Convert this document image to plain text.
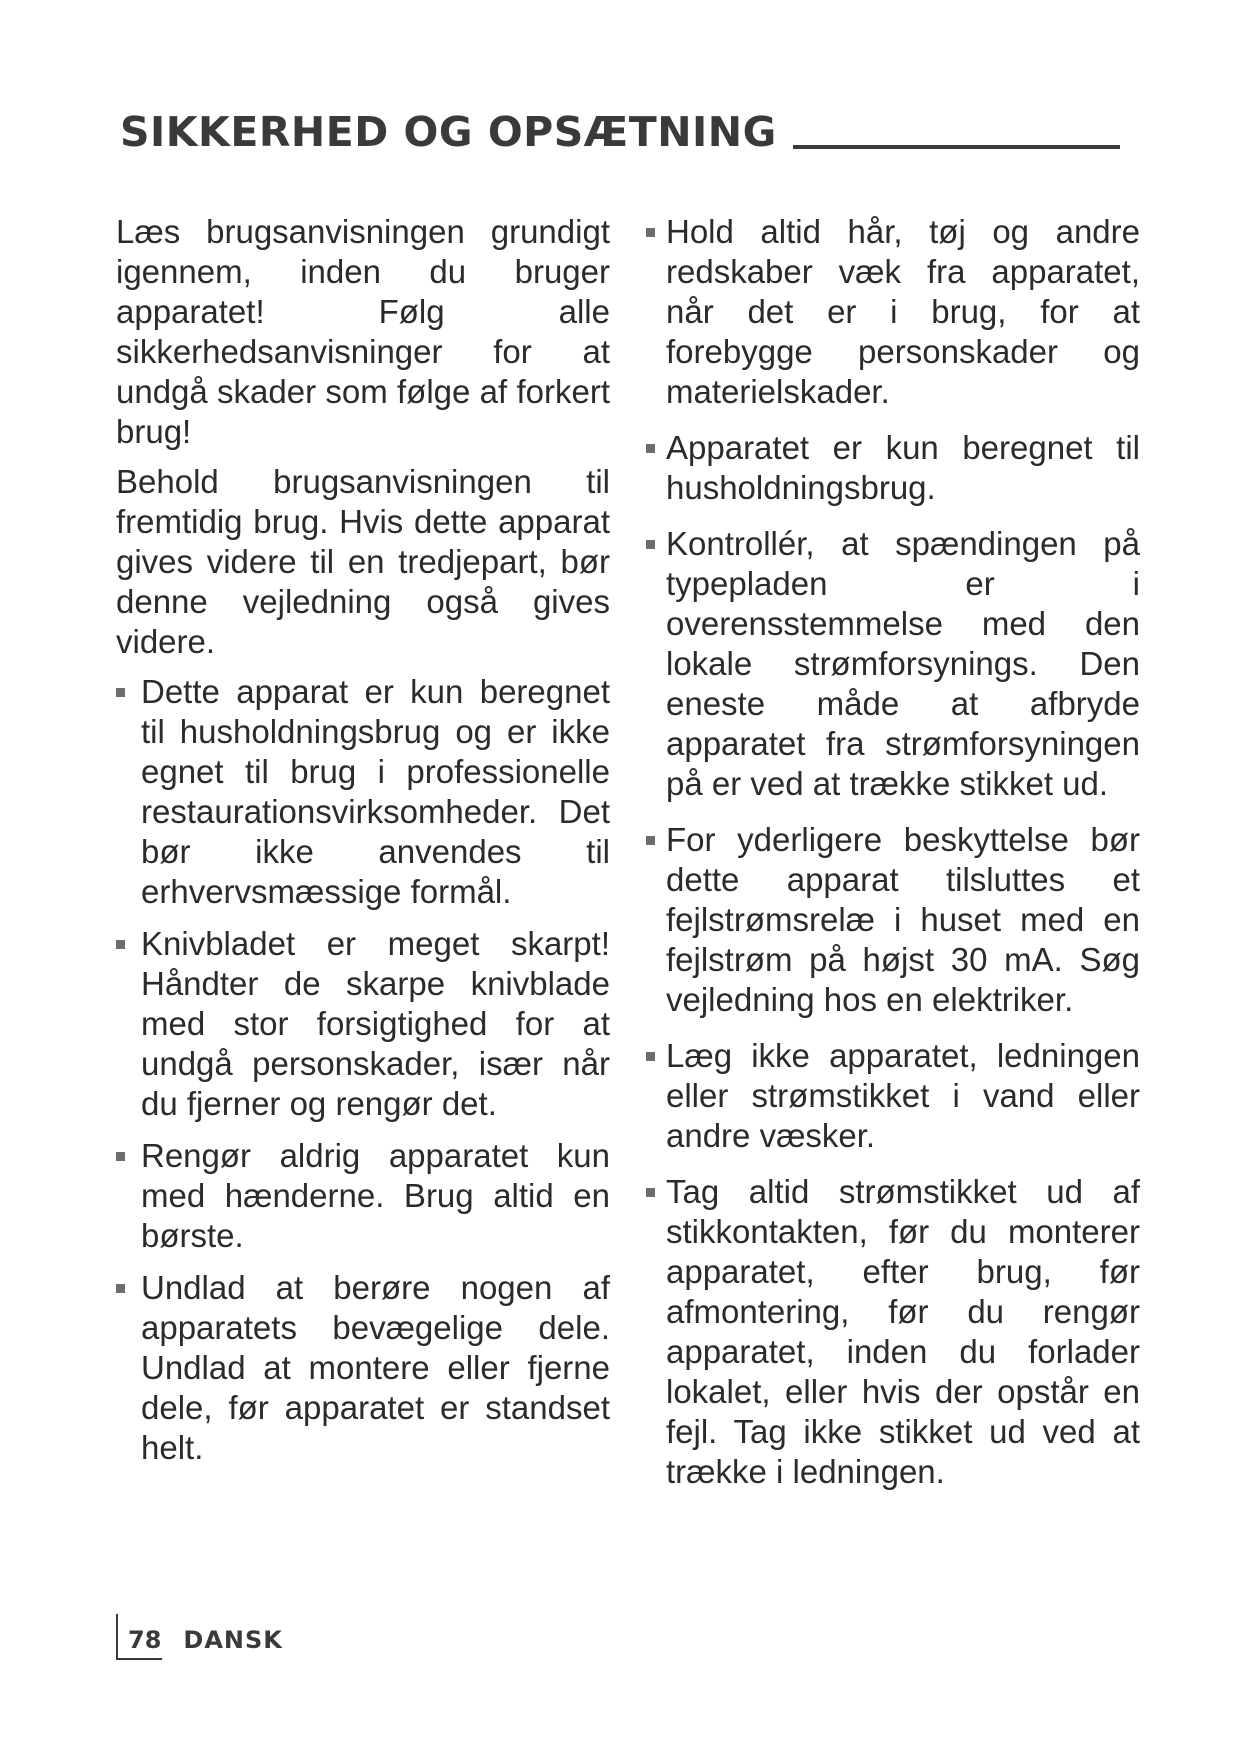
SIKKERHED OG OPSÆTNING

Læs brugsanvisningen grundigt igennem, inden du bruger apparatet! Følg alle sikkerhedsanvisninger for at undgå skader som følge af forkert brug!

Behold brugsanvisningen til fremtidig brug. Hvis dette apparat gives videre til en tredjepart, bør denne vejledning også gives videre.

Dette apparat er kun beregnet til husholdningsbrug og er ikke egnet til brug i professionelle restaurationsvirksomheder. Det bør ikke anvendes til erhvervsmæssige formål.
Knivbladet er meget skarpt! Håndter de skarpe knivblade med stor forsigtighed for at undgå personskader, især når du fjerner og rengør det.
Rengør aldrig apparatet kun med hænderne. Brug altid en børste.
Undlad at berøre nogen af apparatets bevægelige dele. Undlad at montere eller fjerne dele, før apparatet er standset helt.
Hold altid hår, tøj og andre redskaber væk fra apparatet, når det er i brug, for at forebygge personskader og materielskader.
Apparatet er kun beregnet til husholdningsbrug.
Kontrollér, at spændingen på typepladen er i overensstemmelse med den lokale strømforsynings. Den eneste måde at afbryde apparatet fra strømforsyningen på er ved at trække stikket ud.
For yderligere beskyttelse bør dette apparat tilsluttes et fejlstrømsrelæ i huset med en fejlstrøm på højst 30 mA. Søg vejledning hos en elektriker.
Læg ikke apparatet, ledningen eller strømstikket i vand eller andre væsker.
Tag altid strømstikket ud af stikkontakten, før du monterer apparatet, efter brug, før afmontering, før du rengør apparatet, inden du forlader lokalet, eller hvis der opstår en fejl. Tag ikke stikket ud ved at trække i ledningen.
78 DANSK
